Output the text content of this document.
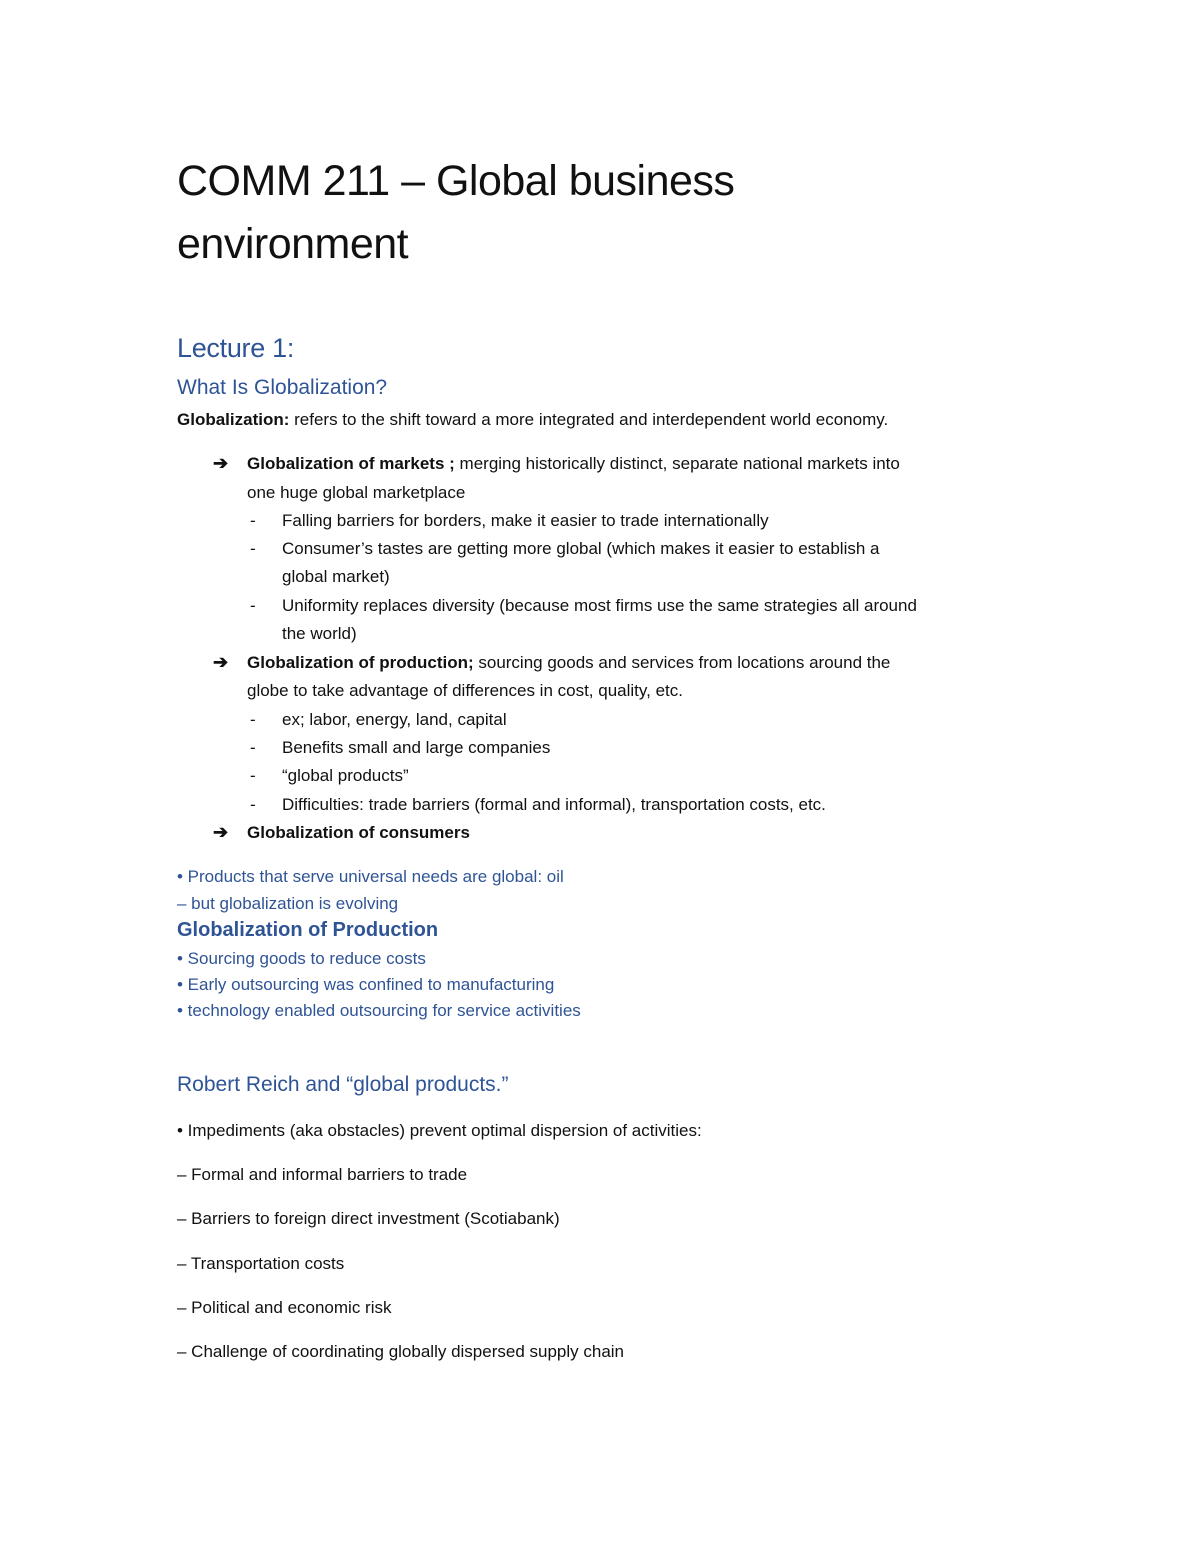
COMM 211 – Global business
environment
Lecture 1:
What Is Globalization?
Globalization: refers to the shift toward a more integrated and interdependent world economy.
➔ Globalization of markets ; merging historically distinct, separate national markets into
one huge global marketplace
- Falling barriers for borders, make it easier to trade internationally
- Consumer’s tastes are getting more global (which makes it easier to establish a
global market)
- Uniformity replaces diversity (because most firms use the same strategies all around
the world)
➔ Globalization of production; sourcing goods and services from locations around the
globe to take advantage of differences in cost, quality, etc.
- ex; labor, energy, land, capital
- Benefits small and large companies
- “global products”
- Difficulties: trade barriers (formal and informal), transportation costs, etc.
➔ Globalization of consumers
• Products that serve universal needs are global: oil
– but globalization is evolving
Globalization of Production
• Sourcing goods to reduce costs
• Early outsourcing was confined to manufacturing
• technology enabled outsourcing for service activities
Robert Reich and “global products.”
• Impediments (aka obstacles) prevent optimal dispersion of activities:
– Formal and informal barriers to trade
– Barriers to foreign direct investment (Scotiabank)
– Transportation costs
– Political and economic risk
– Challenge of coordinating globally dispersed supply chain
